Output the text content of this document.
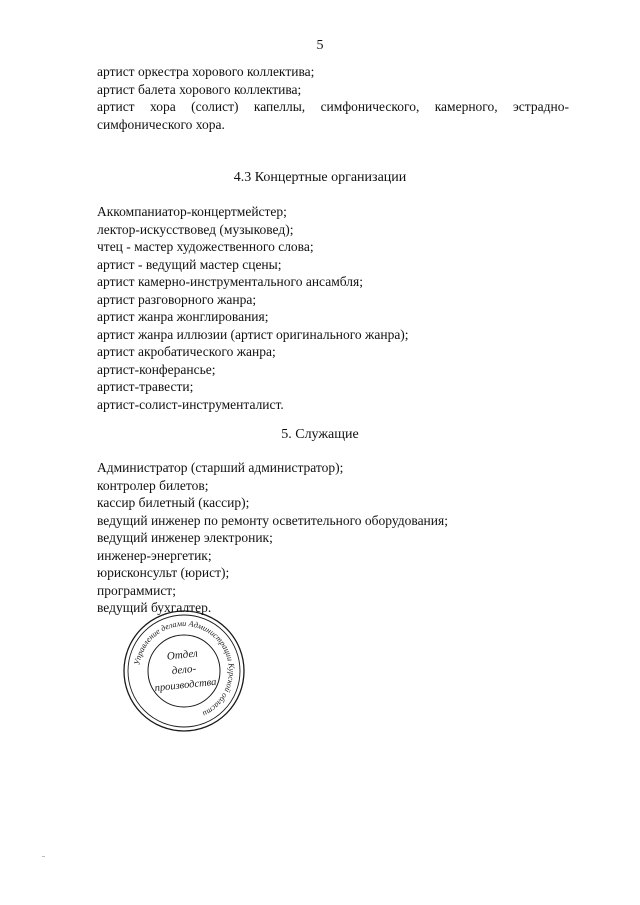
5
артист оркестра хорового коллектива;
артист балета хорового коллектива;
артист хора (солист) капеллы, симфонического, камерного, эстрадно-
симфонического хора.
4.3 Концертные организации
Аккомпаниатор-концертмейстер;
лектор-искусствовед (музыковед);
чтец - мастер художественного слова;
артист - ведущий мастер сцены;
артист камерно-инструментального ансамбля;
артист разговорного жанра;
артист жанра жонглирования;
артист жанра иллюзии (артист оригинального жанра);
артист акробатического жанра;
артист-конферансье;
артист-травести;
артист-солист-инструменталист.
5. Служащие
Администратор (старший администратор);
контролер билетов;
кассир билетный (кассир);
ведущий инженер по ремонту осветительного оборудования;
ведущий инженер электроник;
инженер-энергетик;
юрисконсульт (юрист);
программист;
ведущий бухгалтер.
Управление делами Администрации Курской области
Отдел
дело-
производства
